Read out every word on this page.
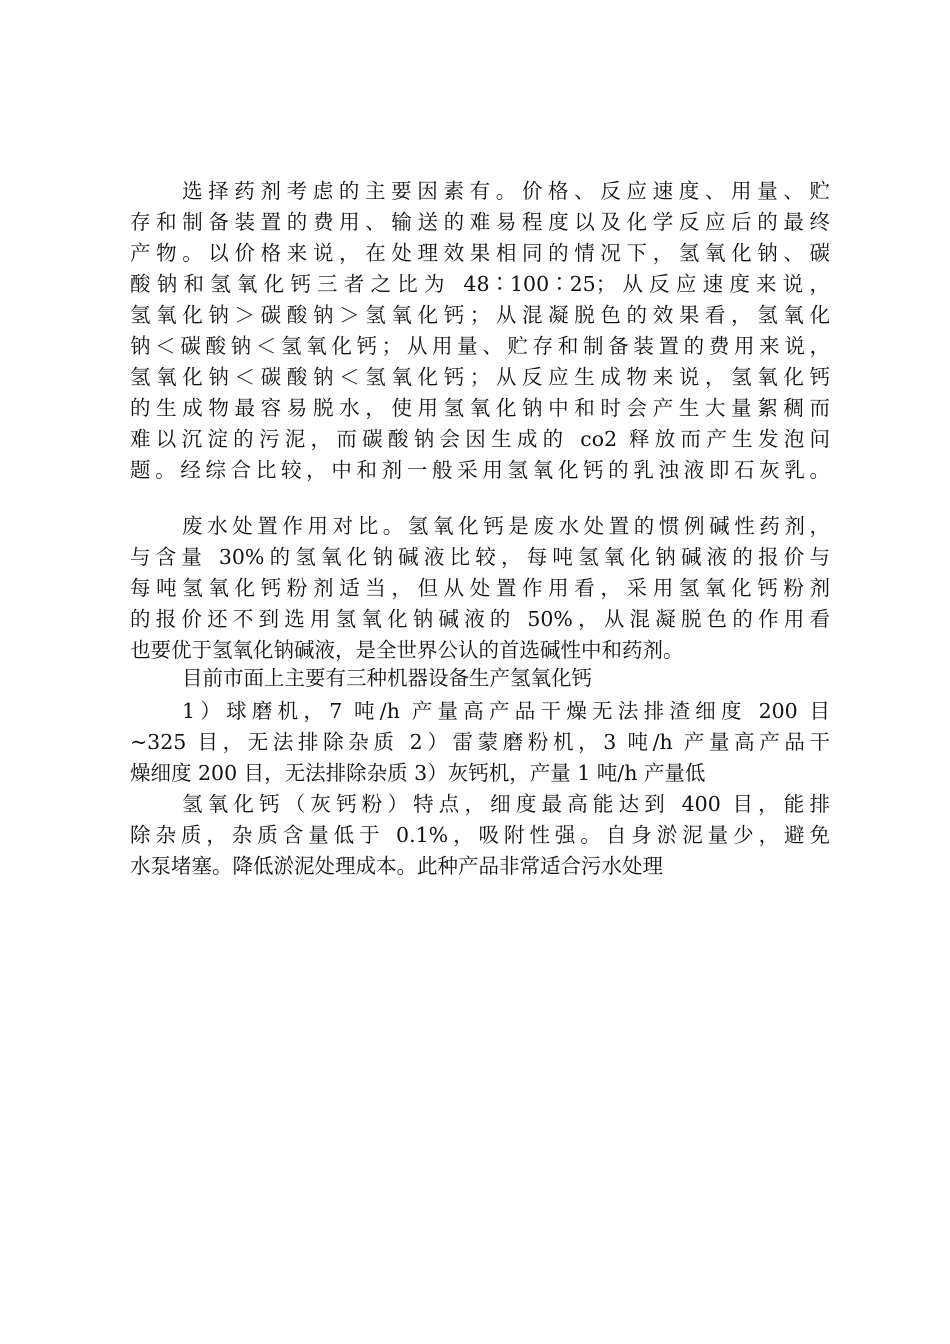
选择药剂考虑的主要因素有。价格、反应速度、用量、贮
存和制备装置的费用、输送的难易程度以及化学反应后的最终
产物。以价格来说，在处理效果相同的情况下，氢氧化钠、碳
酸钠和氢氧化钙三者之比为 48∶100∶25；从反应速度来说，
氢氧化钠＞碳酸钠＞氢氧化钙；从混凝脱色的效果看，氢氧化
钠＜碳酸钠＜氢氧化钙；从用量、贮存和制备装置的费用来说，
氢氧化钠＜碳酸钠＜氢氧化钙；从反应生成物来说，氢氧化钙
的生成物最容易脱水，使用氢氧化钠中和时会产生大量絮稠而
难以沉淀的污泥，而碳酸钠会因生成的 co2 释放而产生发泡问
题。经综合比较，中和剂一般采用氢氧化钙的乳浊液即石灰乳。
废水处置作用对比。氢氧化钙是废水处置的惯例碱性药剂，
与含量 30%的氢氧化钠碱液比较，每吨氢氧化钠碱液的报价与
每吨氢氧化钙粉剂适当，但从处置作用看，采用氢氧化钙粉剂
的报价还不到选用氢氧化钠碱液的 50%，从混凝脱色的作用看
也要优于氢氧化钠碱液，是全世界公认的首选碱性中和药剂。
目前市面上主要有三种机器设备生产氢氧化钙
1）球磨机，7 吨/h 产量高产品干燥无法排渣细度 200 目
~325 目，无法排除杂质 2）雷蒙磨粉机，3 吨/h 产量高产品干
燥细度 200 目，无法排除杂质 3）灰钙机，产量 1 吨/h 产量低
氢氧化钙（灰钙粉）特点，细度最高能达到 400 目，能排
除杂质，杂质含量低于 0.1%，吸附性强。自身淤泥量少，避免
水泵堵塞。降低淤泥处理成本。此种产品非常适合污水处理
